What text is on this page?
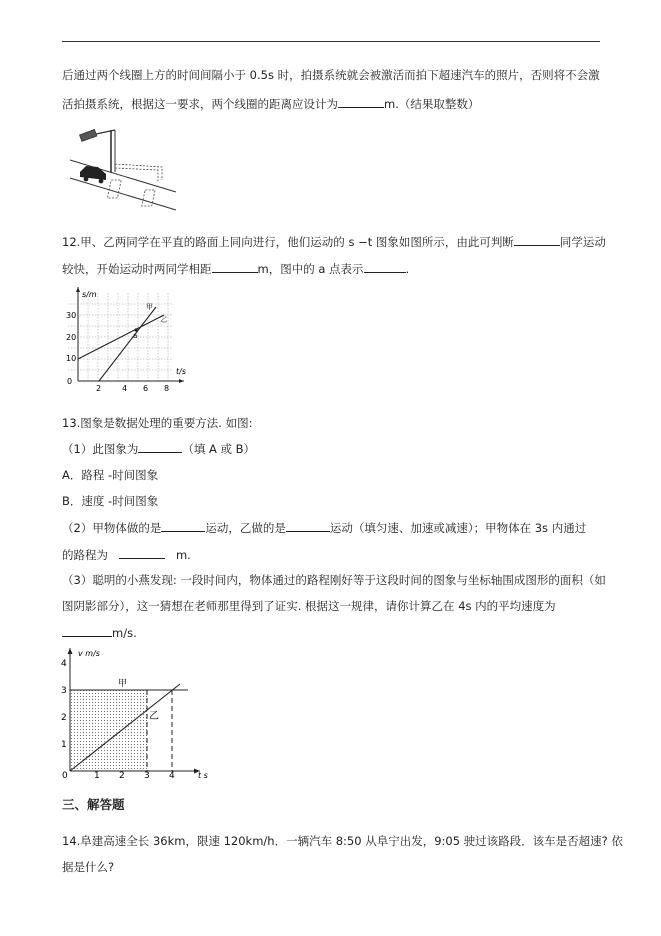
后通过两个线圈上方的时间间隔小于 0.5s 时，拍摄系统就会被激活而拍下超速汽车的照片，否则将不会激
活拍摄系统，根据这一要求，两个线圈的距离应设计为	m.（结果取整数）
12.甲、乙两同学在平直的路面上同向进行，他们运动的 s −t 图象如图所示，由此可判断	同学运动
较快，开始运动时两同学相距	m，图中的 a 点表示	.
a
甲
乙
s/m
t/s
0
10
20
30
2	4 6 8
13.图象是数据处理的重要方法. 如图:
（1）此图象为	（填 A 或 B）
A．路程 -时间图象
B．速度 -时间图象
（2）甲物体做的是	运动，乙做的是	运动（填匀速、加速或减速）；甲物体在 3s 内通过
的路程为	m.
（3）聪明的小燕发现: 一段时间内，物体通过的路程刚好等于这段时间的图象与坐标轴围成图形的面积（如
图阴影部分），这一猜想在老师那里得到了证实. 根据这一规律，请你计算乙在 4s 内的平均速度为
m/s.
v m/s
t s
甲
乙
0
1
2
3
4
1 2 3 4
三、解答题
14.阜建高速全长 36km，限速 120km/h．一辆汽车 8:50 从阜宁出发，9:05 驶过该路段．该车是否超速? 依
据是什么?
